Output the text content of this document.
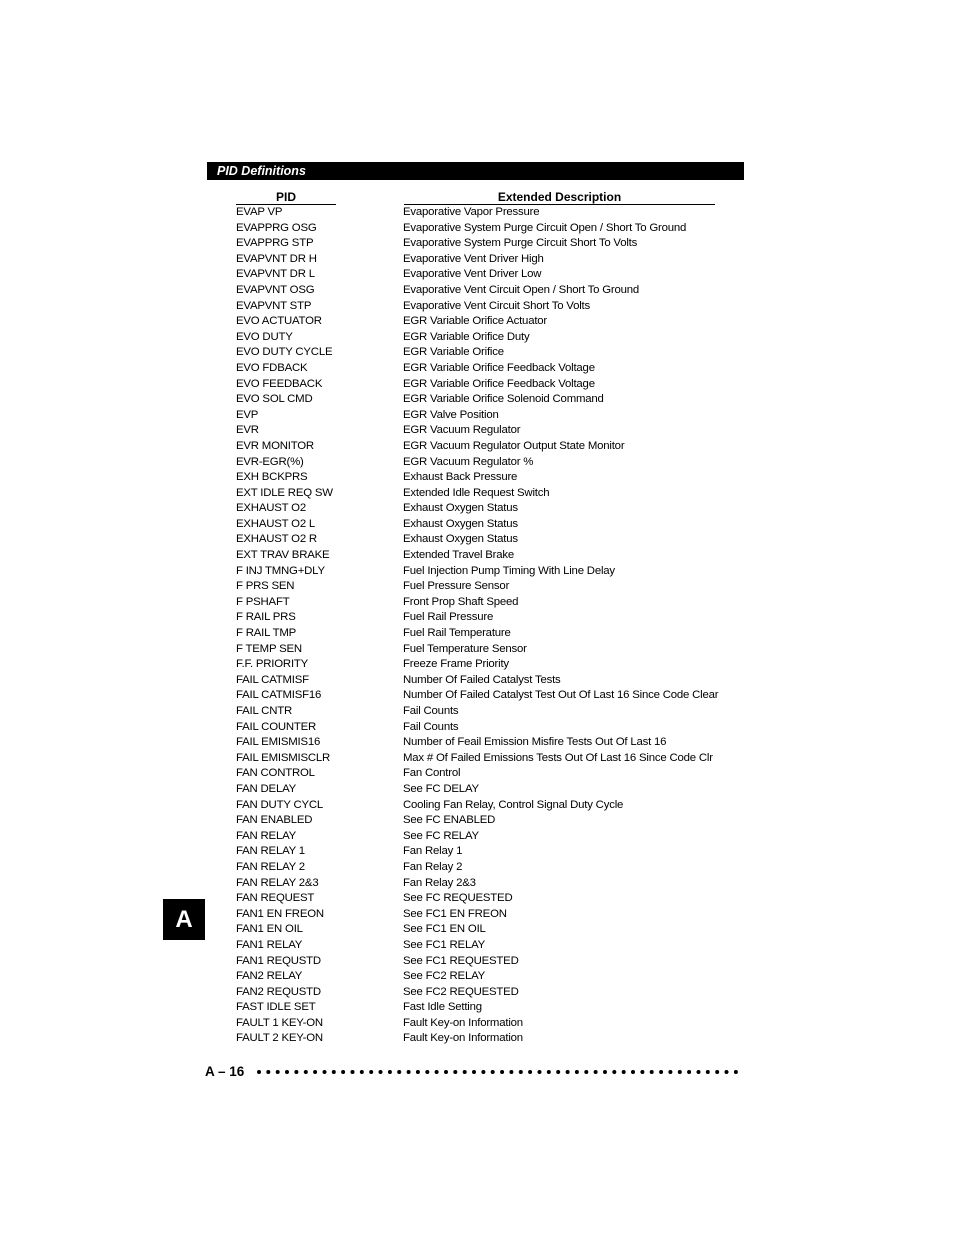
PID Definitions
PID	Extended Description
EVAP VP	Evaporative Vapor Pressure
EVAPPRG OSG	Evaporative System Purge Circuit Open / Short To Ground
EVAPPRG STP	Evaporative System Purge Circuit Short To Volts
EVAPVNT DR H	Evaporative Vent Driver High
EVAPVNT DR L	Evaporative Vent Driver Low
EVAPVNT OSG	Evaporative Vent Circuit Open / Short To Ground
EVAPVNT STP	Evaporative Vent Circuit Short To Volts
EVO ACTUATOR	EGR Variable Orifice Actuator
EVO DUTY	EGR Variable Orifice Duty
EVO DUTY CYCLE	EGR Variable Orifice
EVO FDBACK	EGR Variable Orifice Feedback Voltage
EVO FEEDBACK	EGR Variable Orifice Feedback Voltage
EVO SOL CMD	EGR Variable Orifice Solenoid Command
EVP	EGR Valve Position
EVR	EGR Vacuum Regulator
EVR MONITOR	EGR Vacuum Regulator Output State Monitor
EVR-EGR(%)	EGR Vacuum Regulator %
EXH BCKPRS	Exhaust Back Pressure
EXT IDLE REQ SW	Extended Idle Request Switch
EXHAUST O2	Exhaust Oxygen Status
EXHAUST O2 L	Exhaust Oxygen Status
EXHAUST O2 R	Exhaust Oxygen Status
EXT TRAV BRAKE	Extended Travel Brake
F INJ TMNG+DLY	Fuel Injection Pump Timing With Line Delay
F PRS SEN	Fuel Pressure Sensor
F PSHAFT	Front Prop Shaft Speed
F RAIL PRS	Fuel Rail Pressure
F RAIL TMP	Fuel Rail Temperature
F TEMP SEN	Fuel Temperature Sensor
F.F. PRIORITY	Freeze Frame Priority
FAIL CATMISF	Number Of Failed Catalyst Tests
FAIL CATMISF16	Number Of Failed Catalyst Test Out Of Last 16 Since Code Clear
FAIL CNTR	Fail Counts
FAIL COUNTER	Fail Counts
FAIL EMISMIS16	Number of Feail Emission Misfire Tests Out Of Last 16
FAIL EMISMISCLR	Max # Of Failed Emissions Tests Out Of Last 16 Since Code Clr
FAN CONTROL	Fan Control
FAN DELAY	See FC DELAY
FAN DUTY CYCL	Cooling Fan Relay, Control Signal Duty Cycle
FAN ENABLED	See FC ENABLED
FAN RELAY	See FC RELAY
FAN RELAY 1	Fan Relay 1
FAN RELAY 2	Fan Relay 2
FAN RELAY 2&3	Fan Relay 2&3
FAN REQUEST	See FC REQUESTED
FAN1 EN FREON	See FC1 EN FREON
FAN1 EN OIL	See FC1 EN OIL
FAN1 RELAY	See FC1 RELAY
FAN1 REQUSTD	See FC1 REQUESTED
FAN2 RELAY	See FC2 RELAY
FAN2 REQUSTD	See FC2 REQUESTED
FAST IDLE SET	Fast Idle Setting
FAULT 1 KEY-ON	Fault Key-on Information
FAULT 2 KEY-ON	Fault Key-on Information
A
A – 16
